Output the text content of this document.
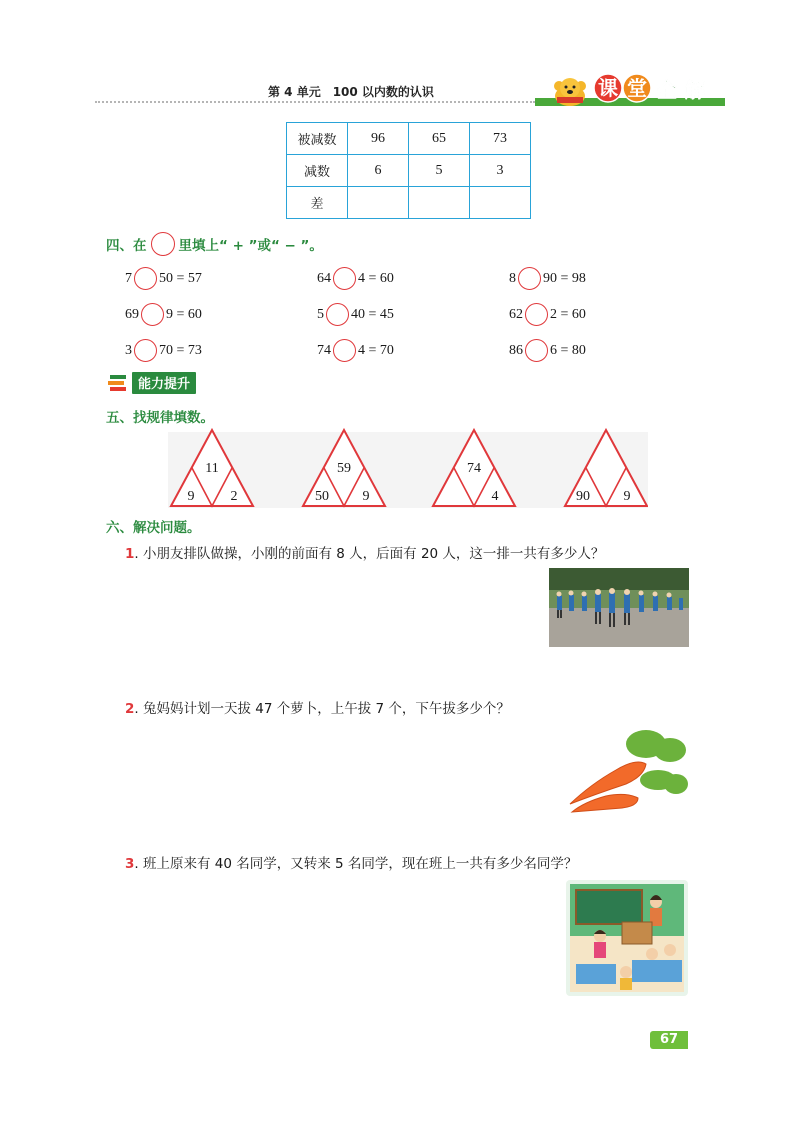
第 4 单元　100 以内数的认识	课 堂 全 解
被减数	96	65	73
减数	6	5	3
差			
四、在 里填上“ + ”或“ − ”。
7 50 = 57	64 4 = 60	8 90 = 98
69 9 = 60	5 40 = 45	62 2 = 60
3 70 = 73	74 4 = 70	86 6 = 80
能力提升
五、找规律填数。
11
9	2
59
50 9
74
4	90 9
六、解决问题。
1. 小朋友排队做操，小刚的前面有 8 人，后面有 20 人，这一排一共有多少人？
2. 兔妈妈计划一天拔 47 个萝卜，上午拔 7 个，下午拔多少个？
3. 班上原来有 40 名同学，又转来 5 名同学，现在班上一共有多少名同学？
67
